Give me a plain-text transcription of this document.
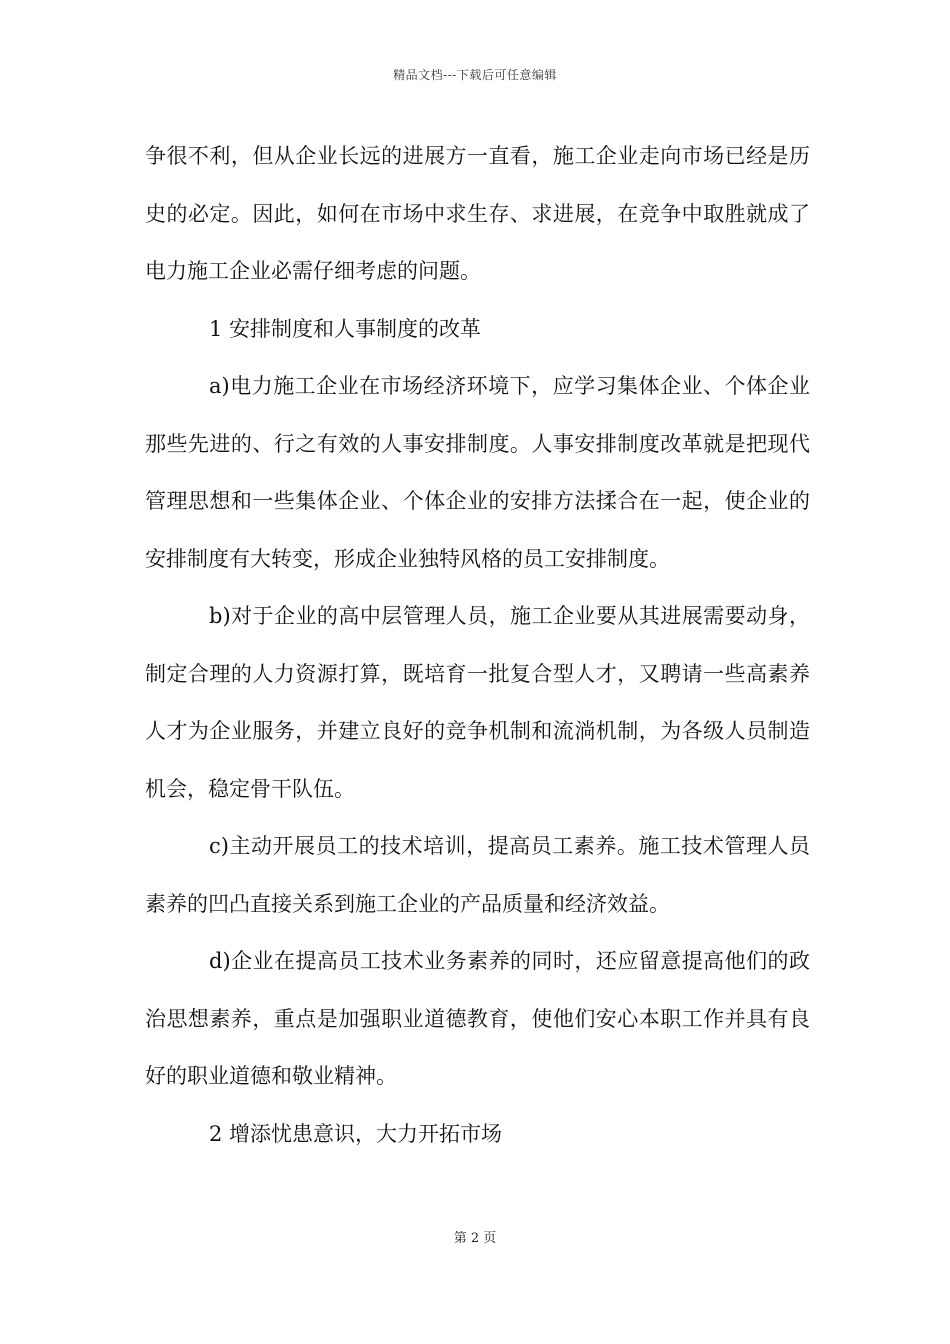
精品文档---下载后可任意编辑

争很不利，但从企业长远的进展方一直看，施工企业走向市场已经是历史的必定。因此，如何在市场中求生存、求进展，在竞争中取胜就成了电力施工企业必需仔细考虑的问题。

1 安排制度和人事制度的改革

a)电力施工企业在市场经济环境下，应学习集体企业、个体企业那些先进的、行之有效的人事安排制度。人事安排制度改革就是把现代管理思想和一些集体企业、个体企业的安排方法揉合在一起，使企业的安排制度有大转变，形成企业独特风格的员工安排制度。

b)对于企业的高中层管理人员，施工企业要从其进展需要动身，制定合理的人力资源打算，既培育一批复合型人才，又聘请一些高素养人才为企业服务，并建立良好的竞争机制和流淌机制，为各级人员制造机会，稳定骨干队伍。

c)主动开展员工的技术培训，提高员工素养。施工技术管理人员素养的凹凸直接关系到施工企业的产品质量和经济效益。

d)企业在提高员工技术业务素养的同时，还应留意提高他们的政治思想素养，重点是加强职业道德教育，使他们安心本职工作并具有良好的职业道德和敬业精神。

2 增添忧患意识，大力开拓市场

第 2 页
